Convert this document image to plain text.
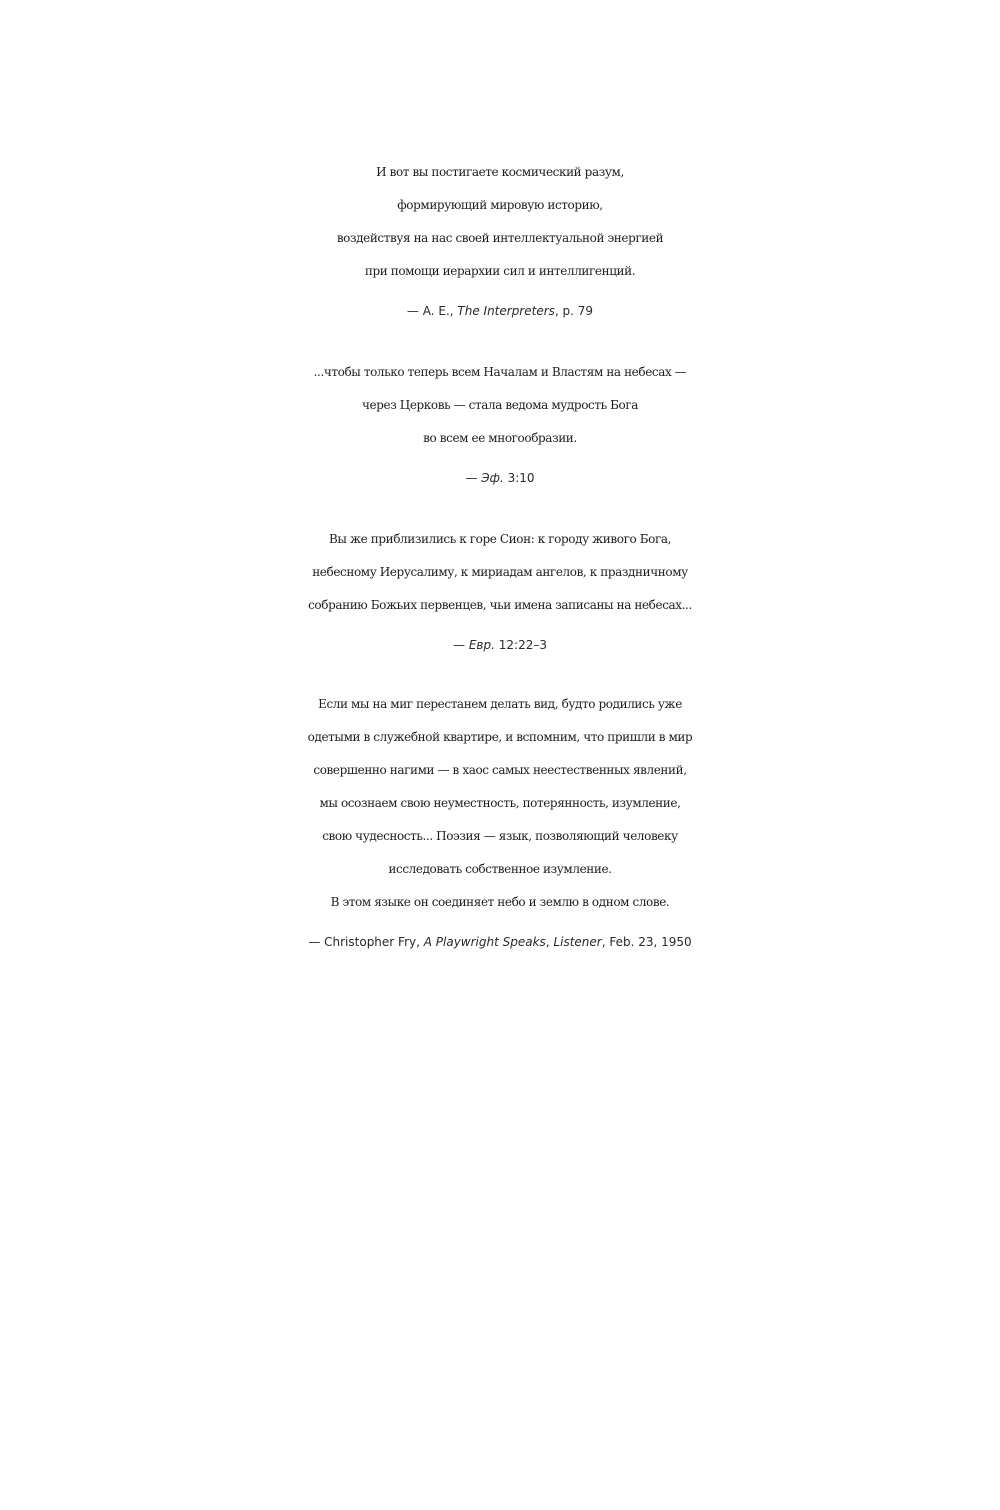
И вот вы постигаете космический разум,
формирующий мировую историю,
воздействуя на нас своей интеллектуальной энергией
при помощи иерархии сил и интеллигенций.
— A. E., The Interpreters, p. 79
...чтобы только теперь всем Началам и Властям на небесах —
через Церковь — стала ведома мудрость Бога
во всем ее многообразии.
— Эф. 3:10
Вы же приблизились к горе Сион: к городу живого Бога,
небесному Иерусалиму, к мириадам ангелов, к праздничному
собранию Божьих первенцев, чьи имена записаны на небесах...
— Евр. 12:22–3
Если мы на миг перестанем делать вид, будто родились уже
одетыми в служебной квартире, и вспомним, что пришли в мир
совершенно нагими — в хаос самых неестественных явлений,
мы осознаем свою неуместность, потерянность, изумление,
свою чудесность... Поэзия — язык, позволяющий человеку
исследовать собственное изумление.
В этом языке он соединяет небо и землю в одном слове.
— Christopher Fry, A Playwright Speaks, Listener, Feb. 23, 1950
